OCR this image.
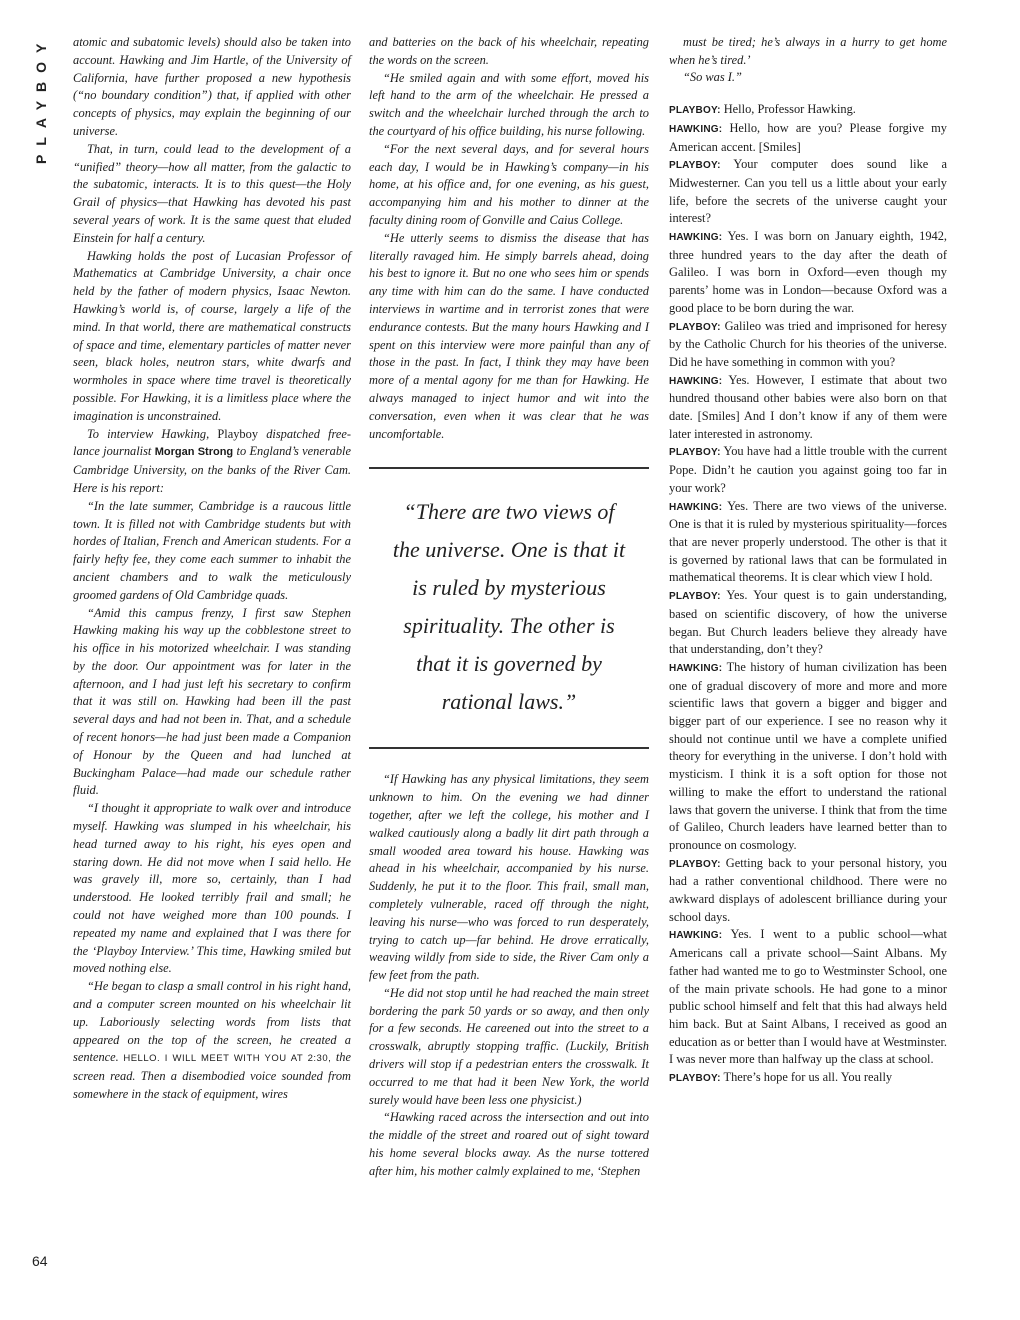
PLAYBOY
64

atomic and subatomic levels) should also be taken into account. Hawking and Jim Hartle, of the University of California, have further proposed a new hypothesis (“no boundary condition”) that, if applied with other concepts of physics, may explain the beginning of our universe.

That, in turn, could lead to the development of a “unified” theory—how all matter, from the galactic to the subatomic, interacts. It is to this quest—the Holy Grail of physics—that Hawking has devoted his past several years of work. It is the same quest that eluded Einstein for half a century.

Hawking holds the post of Lucasian Professor of Mathematics at Cambridge University, a chair once held by the father of modern physics, Isaac Newton. Hawking’s world is, of course, largely a life of the mind. In that world, there are mathematical constructs of space and time, elementary particles of matter never seen, black holes, neutron stars, white dwarfs and wormholes in space where time travel is theoretically possible. For Hawking, it is a limitless place where the imagination is unconstrained.

To interview Hawking, Playboy dispatched free-lance journalist Morgan Strong to England’s venerable Cambridge University, on the banks of the River Cam. Here is his report:

“In the late summer, Cambridge is a raucous little town. It is filled not with Cambridge students but with hordes of Italian, French and American students. For a fairly hefty fee, they come each summer to inhabit the ancient chambers and to walk the meticulously groomed gardens of Old Cambridge quads.

“Amid this campus frenzy, I first saw Stephen Hawking making his way up the cobblestone street to his office in his motorized wheelchair. I was standing by the door. Our appointment was for later in the afternoon, and I had just left his secretary to confirm that it was still on. Hawking had been ill the past several days and had not been in. That, and a schedule of recent honors—he had just been made a Companion of Honour by the Queen and had lunched at Buckingham Palace—had made our schedule rather fluid.

“I thought it appropriate to walk over and introduce myself. Hawking was slumped in his wheelchair, his head turned away to his right, his eyes open and staring down. He did not move when I said hello. He was gravely ill, more so, certainly, than I had understood. He looked terribly frail and small; he could not have weighed more than 100 pounds. I repeated my name and explained that I was there for the ‘Playboy Interview.’ This time, Hawking smiled but moved nothing else.

“He began to clasp a small control in his right hand, and a computer screen mounted on his wheelchair lit up. Laboriously selecting words from lists that appeared on the top of the screen, he created a sentence. HELLO. I WILL MEET WITH YOU AT 2:30, the screen read. Then a disembodied voice sounded from somewhere in the stack of equipment, wires

and batteries on the back of his wheelchair, repeating the words on the screen.

“He smiled again and with some effort, moved his left hand to the arm of the wheelchair. He pressed a switch and the wheelchair lurched through the arch to the courtyard of his office building, his nurse following.

“For the next several days, and for several hours each day, I would be in Hawking’s company—in his home, at his office and, for one evening, as his guest, accompanying him and his mother to dinner at the faculty dining room of Gonville and Caius College.

“He utterly seems to dismiss the disease that has literally ravaged him. He simply barrels ahead, doing his best to ignore it. But no one who sees him or spends any time with him can do the same. I have conducted interviews in wartime and in terrorist zones that were endurance contests. But the many hours Hawking and I spent on this interview were more painful than any of those in the past. In fact, I think they may have been more of a mental agony for me than for Hawking. He always managed to inject humor and wit into the conversation, even when it was clear that he was uncomfortable.

“There are two views of the universe. One is that it is ruled by mysterious spirituality. The other is that it is governed by rational laws.”

“If Hawking has any physical limitations, they seem unknown to him. On the evening we had dinner together, after we left the college, his mother and I walked cautiously along a badly lit dirt path through a small wooded area toward his house. Hawking was ahead in his wheelchair, accompanied by his nurse. Suddenly, he put it to the floor. This frail, small man, completely vulnerable, raced off through the night, leaving his nurse—who was forced to run desperately, trying to catch up—far behind. He drove erratically, weaving wildly from side to side, the River Cam only a few feet from the path.

“He did not stop until he had reached the main street bordering the park 50 yards or so away, and then only for a few seconds. He careened out into the street to a crosswalk, abruptly stopping traffic. (Luckily, British drivers will stop if a pedestrian enters the crosswalk. It occurred to me that had it been New York, the world surely would have been less one physicist.)

“Hawking raced across the intersection and out into the middle of the street and roared out of sight toward his home several blocks away. As the nurse tottered after him, his mother calmly explained to me, ‘Stephen

must be tired; he’s always in a hurry to get home when he’s tired.’

“So was I.”

PLAYBOY: Hello, Professor Hawking.

HAWKING: Hello, how are you? Please forgive my American accent. [Smiles]

PLAYBOY: Your computer does sound like a Midwesterner. Can you tell us a little about your early life, before the secrets of the universe caught your interest?

HAWKING: Yes. I was born on January eighth, 1942, three hundred years to the day after the death of Galileo. I was born in Oxford—even though my parents’ home was in London—because Oxford was a good place to be born during the war.

PLAYBOY: Galileo was tried and imprisoned for heresy by the Catholic Church for his theories of the universe. Did he have something in common with you?

HAWKING: Yes. However, I estimate that about two hundred thousand other babies were also born on that date. [Smiles] And I don’t know if any of them were later interested in astronomy.

PLAYBOY: You have had a little trouble with the current Pope. Didn’t he caution you against going too far in your work?

HAWKING: Yes. There are two views of the universe. One is that it is ruled by mysterious spirituality—forces that are never properly understood. The other is that it is governed by rational laws that can be formulated in mathematical theorems. It is clear which view I hold.

PLAYBOY: Yes. Your quest is to gain understanding, based on scientific discovery, of how the universe began. But Church leaders believe they already have that understanding, don’t they?

HAWKING: The history of human civilization has been one of gradual discovery of more and more and more scientific laws that govern a bigger and bigger and bigger part of our experience. I see no reason why it should not continue until we have a complete unified theory for everything in the universe. I don’t hold with mysticism. I think it is a soft option for those not willing to make the effort to understand the rational laws that govern the universe. I think that from the time of Galileo, Church leaders have learned better than to pronounce on cosmology.

PLAYBOY: Getting back to your personal history, you had a rather conventional childhood. There were no awkward displays of adolescent brilliance during your school days.

HAWKING: Yes. I went to a public school—what Americans call a private school—Saint Albans. My father had wanted me to go to Westminster School, one of the main private schools. He had gone to a minor public school himself and felt that this had always held him back. But at Saint Albans, I received as good an education as or better than I would have at Westminster. I was never more than halfway up the class at school.

PLAYBOY: There’s hope for us all. You really
